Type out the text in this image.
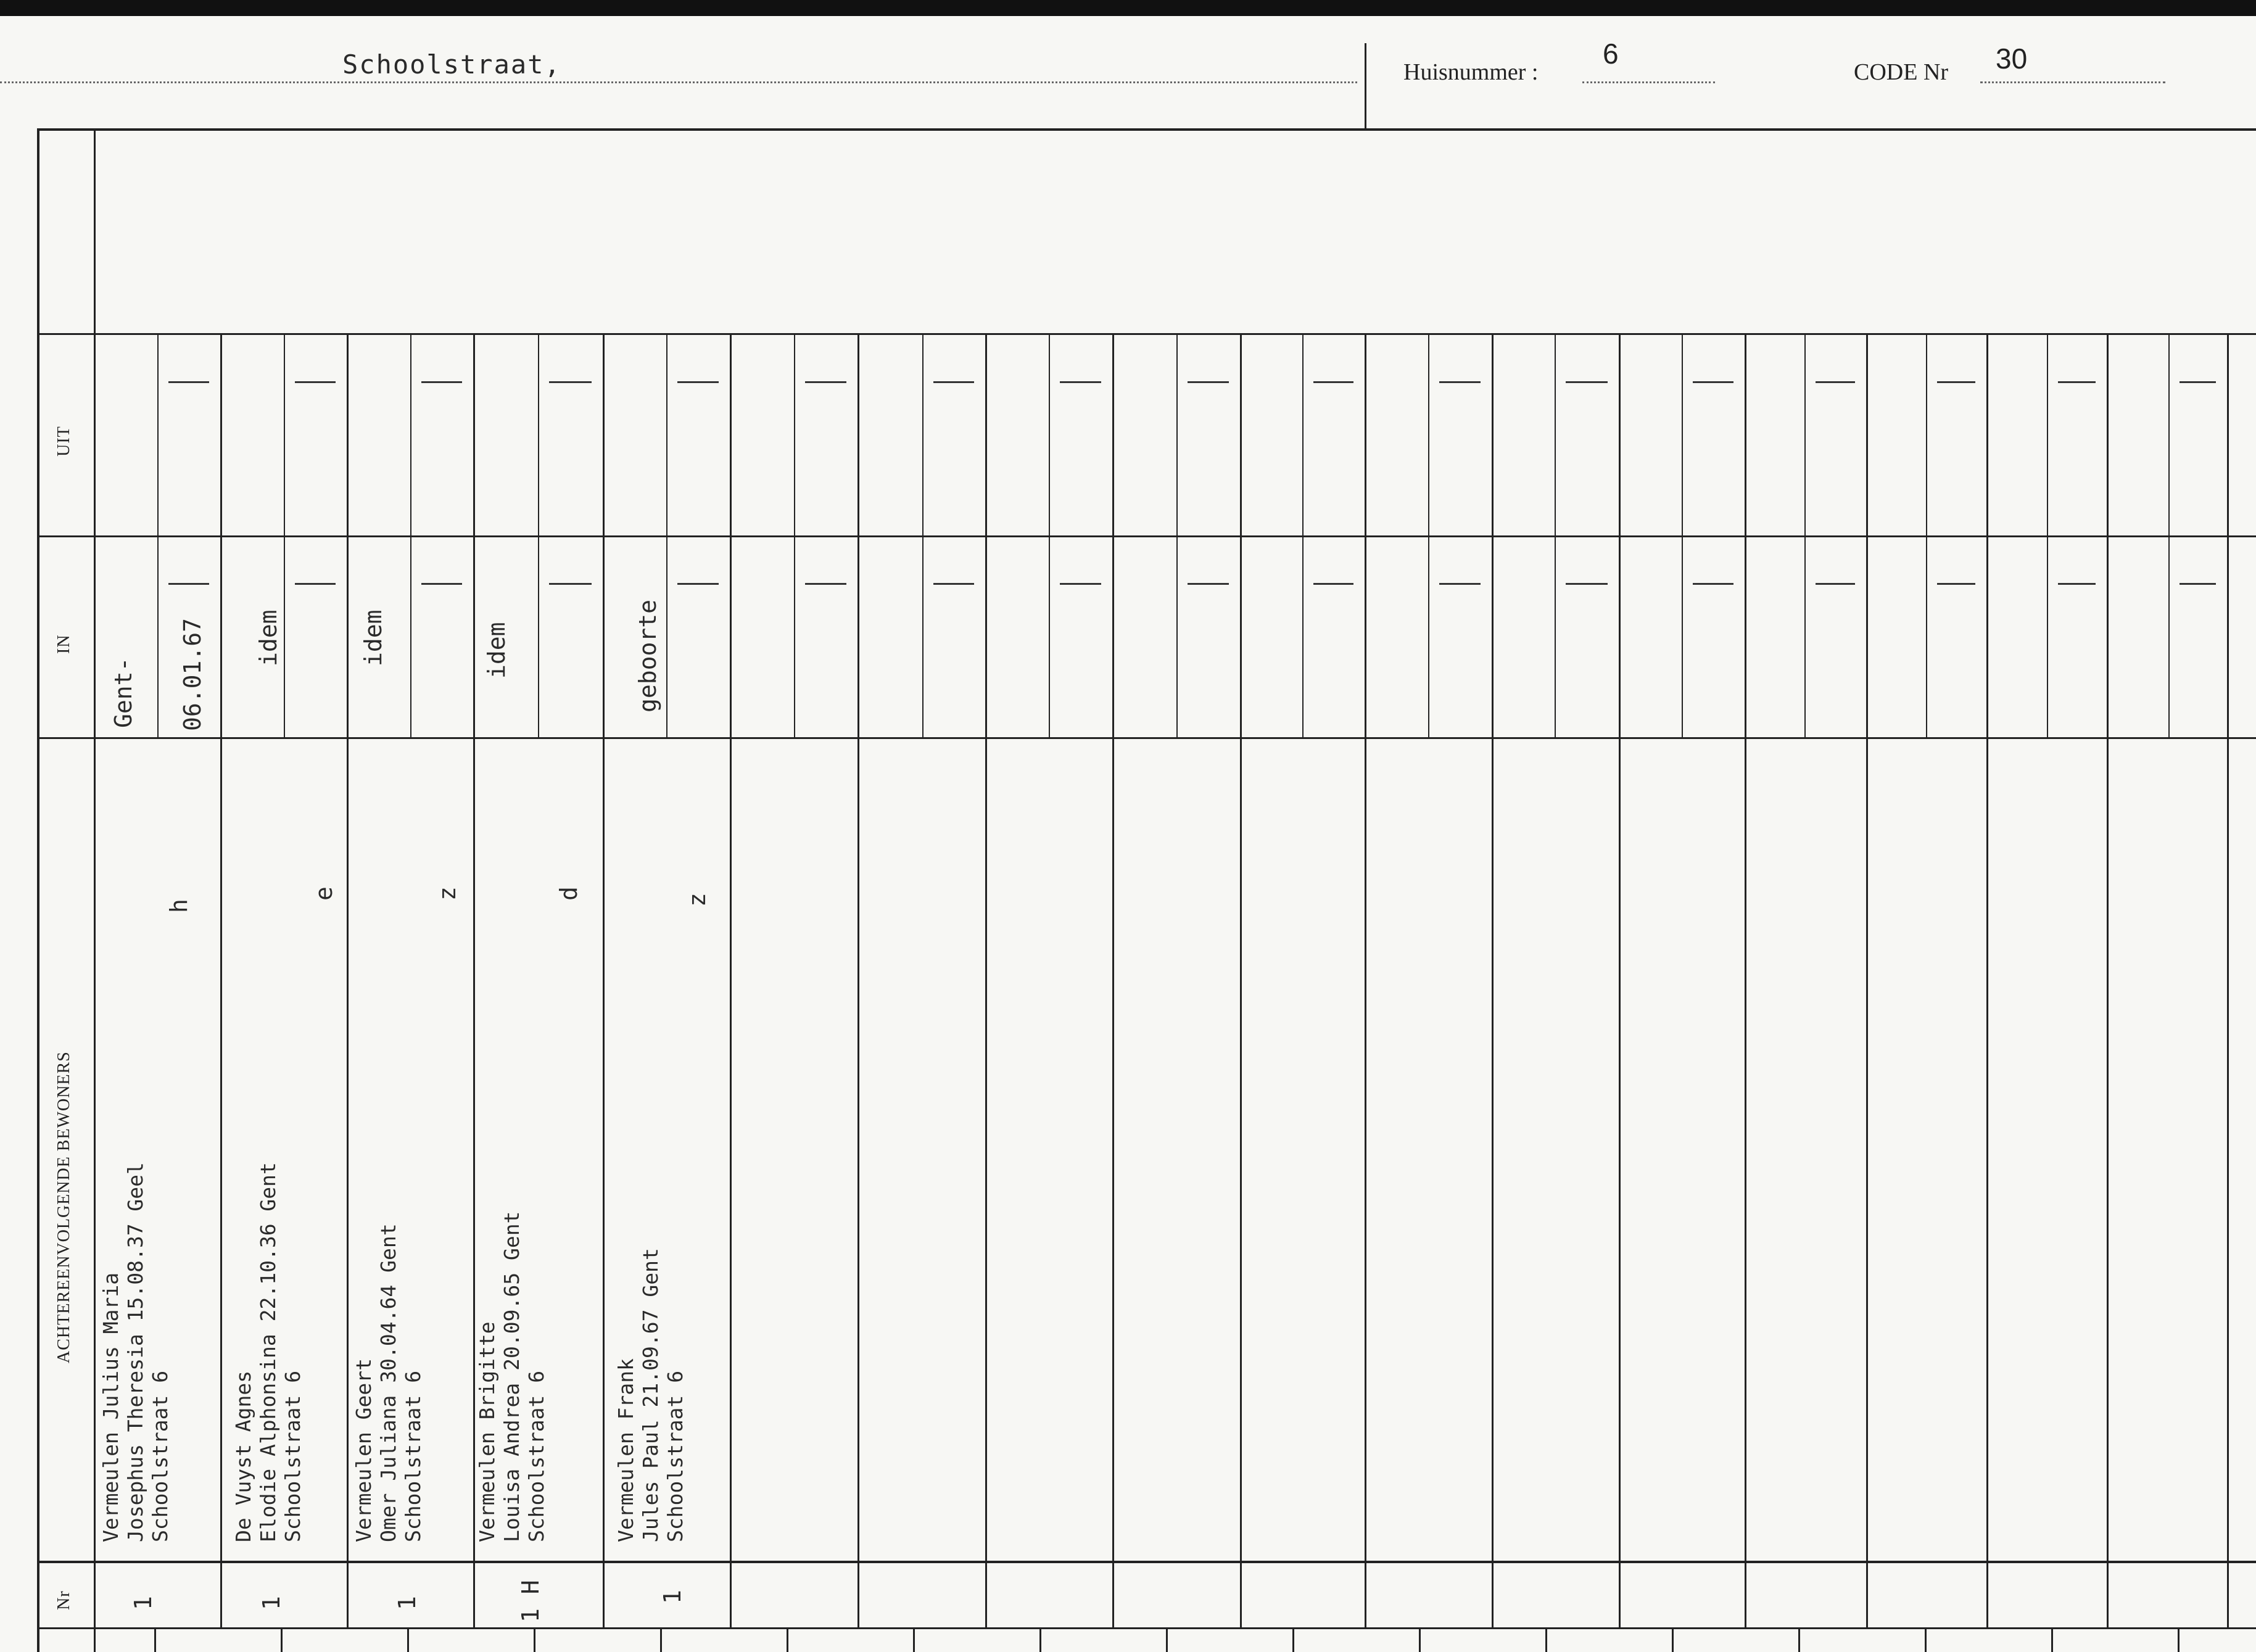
Schoolstraat,	Huisnummer :
6
CODE Nr 30
UIT
IN
ACHTEREENVOLGENDE BEWONERS
Nr
Vermeulen Julius Maria Josephus Theresia 15.08.37 Geel Schoolstraat 6
h
1
Gent- 06.01.67
De Vuyst Agnes Elodie Alphonsina 22.10.36 Gent Schoolstraat 6
e
1
idem
Vermeulen Geert Omer Juliana 30.04.64 Gent Schoolstraat 6
z
1
idem
Vermeulen Brigitte Louisa Andrea 20.09.65 Gent Schoolstraat 6
d
1 H
idem
Vermeulen Frank Jules Paul 21.09.67 Gent Schoolstraat 6
z
1
geboorte
